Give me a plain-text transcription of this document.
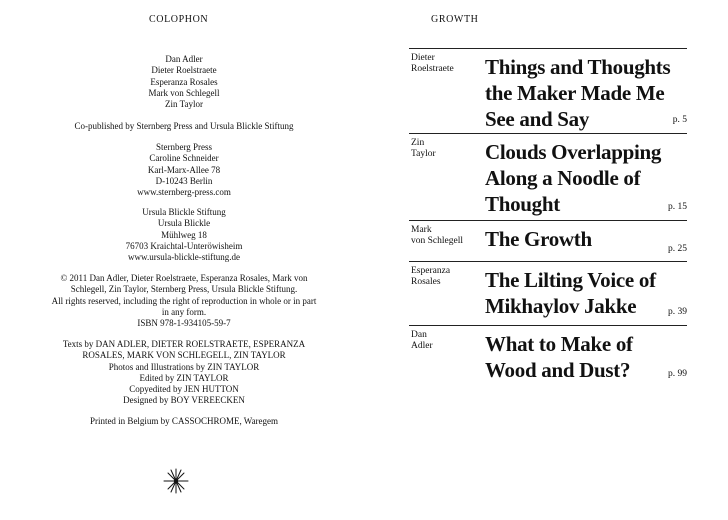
COLOPHON
Dan Adler
Dieter Roelstraete
Esperanza Rosales
Mark von Schlegell
Zin Taylor
Co-published by Sternberg Press and Ursula Blickle Stiftung
Sternberg Press
Caroline Schneider
Karl-Marx-Allee 78
D-10243 Berlin
www.sternberg-press.com
Ursula Blickle Stiftung
Ursula Blickle
Mühlweg 18
76703 Kraichtal-Unteröwisheim
www.ursula-blickle-stiftung.de
© 2011 Dan Adler, Dieter Roelstraete, Esperanza Rosales, Mark von
Schlegell, Zin Taylor, Sternberg Press, Ursula Blickle Stiftung.
All rights reserved, including the right of reproduction in whole or in part
in any form.
ISBN 978-1-934105-59-7
Texts by DAN ADLER, DIETER ROELSTRAETE, ESPERANZA
ROSALES, MARK VON SCHLEGELL, ZIN TAYLOR
Photos and Illustrations by ZIN TAYLOR
Edited by ZIN TAYLOR
Copyedited by JEN HUTTON
Designed by BOY VEREECKEN
Printed in Belgium by CASSOCHROME, Waregem
GROWTH
Dieter
Roelstraete	Things and Thoughts
the Maker Made Me
See and Say	p. 5
Zin
Taylor	Clouds Overlapping
Along a Noodle of
Thought	p. 15
Mark
von Schlegell	The Growth	p. 25
Esperanza
Rosales	The Lilting Voice of
Mikhaylov Jakke	p. 39
Dan
Adler	What to Make of
Wood and Dust?	p. 99
